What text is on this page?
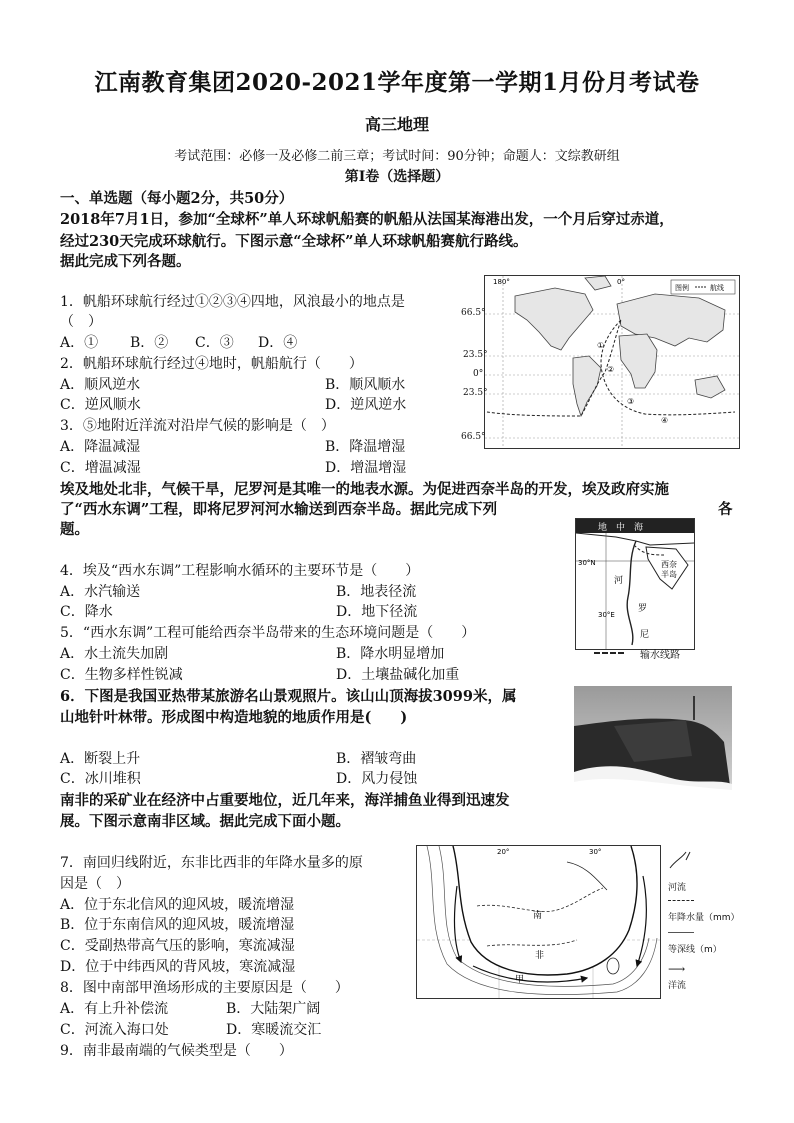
江南教育集团2020-2021学年度第一学期1月份月考试卷
高三地理
考试范围：必修一及必修二前三章；考试时间：90分钟；命题人：文综教研组
第Ⅰ卷（选择题）
一、单选题（每小题2分，共50分）
2018年7月1日，参加“全球杯”单人环球帆船赛的帆船从法国某海港出发，一个月后穿过赤道，
经过230天完成环球航行。下图示意“全球杯”单人环球帆船赛航行路线。
据此完成下列各题。
图例	航线
①
②
③
④
180°	0°
66.5°
23.5°
0°
23.5°
66.5°
1．帆船环球航行经过①②③④四地，风浪最小的地点是
（　）
A．① B．② C．③ D．④
2．帆船环球航行经过④地时，帆船航行（　　）
A．顺风逆水	B．顺风顺水
C．逆风顺水	D．逆风逆水
3．⑤地附近洋流对沿岸气候的影响是（　）
A．降温减湿	B．降温增湿
C．增温减湿	D．增温增湿
埃及地处北非，气候干旱，尼罗河是其唯一的地表水源。为促进西奈半岛的开发，埃及政府实施
了“西水东调”工程，即将尼罗河河水输送到西奈半岛。据此完成下列	各
题。	地　中　海
西奈
半岛
河
罗
尼
30°N
30°E
输水线路
4．埃及“西水东调”工程影响水循环的主要环节是（　　）
A．水汽输送	B．地表径流
C．降水	D．地下径流
5．“西水东调”工程可能给西奈半岛带来的生态环境问题是（　　）
A．水土流失加剧	B．降水明显增加
C．生物多样性锐减	D．土壤盐碱化加重
6．下图是我国亚热带某旅游名山景观照片。该山山顶海拔3099米，属
山地针叶林带。形成图中构造地貌的地质作用是(　　)
A．断裂上升	B．褶皱弯曲
C．冰川堆积	D．风力侵蚀
南非的采矿业在经济中占重要地位，近几年来，海洋捕鱼业得到迅速发
展。下图示意南非区域。据此完成下面小题。
南
非
甲
20°	30°
河流
年降水量（mm）
等深线（m）
⟶
洋流
7．南回归线附近，东非比西非的年降水量多的原
因是（　）
A．位于东北信风的迎风坡，暖流增湿
B．位于东南信风的迎风坡，暖流增湿
C．受副热带高气压的影响，寒流减湿
D．位于中纬西风的背风坡，寒流减湿
8．图中南部甲渔场形成的主要原因是（　　）
A．有上升补偿流	B．大陆架广阔
C．河流入海口处	D．寒暖流交汇
9．南非最南端的气候类型是（　　）
